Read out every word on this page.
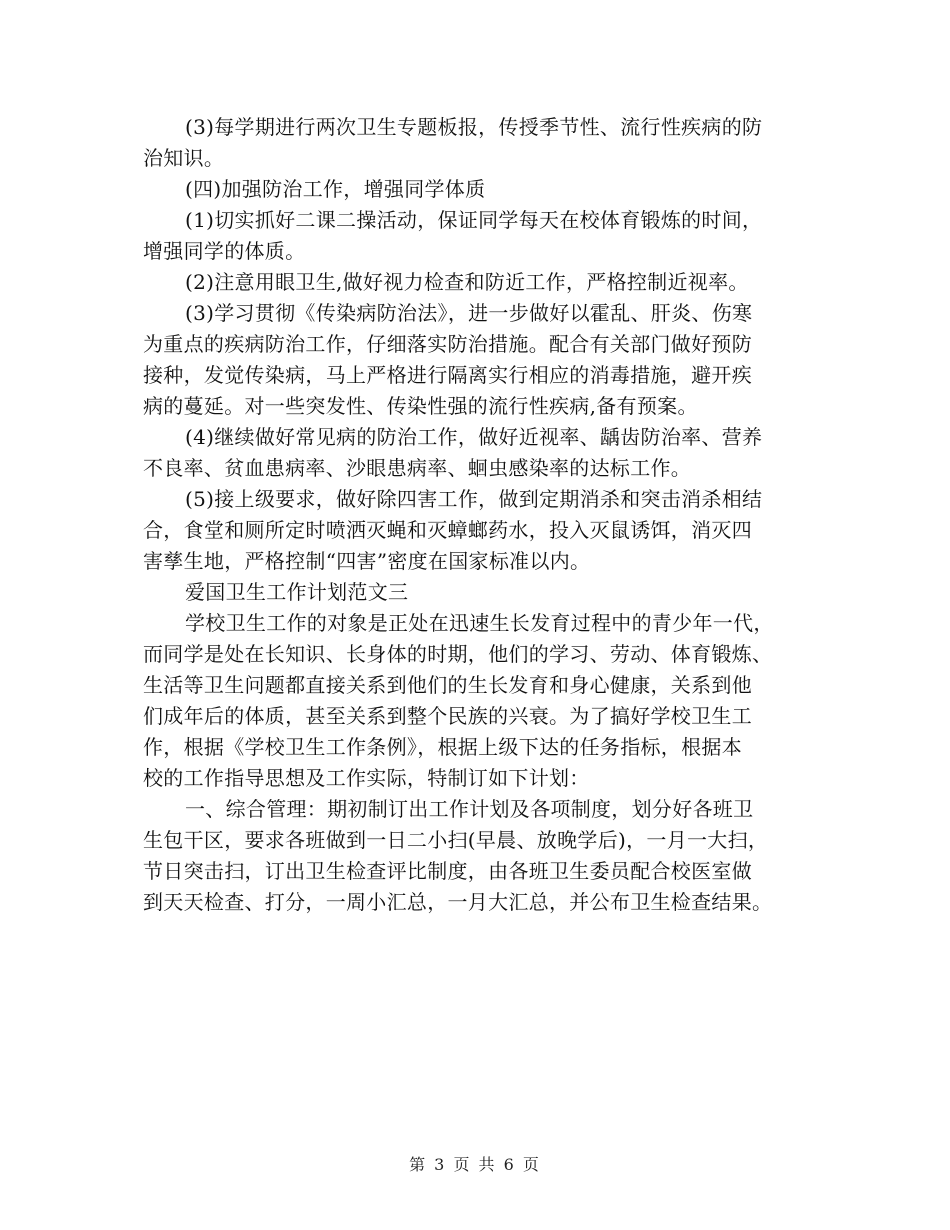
(3)每学期进行两次卫生专题板报，传授季节性、流行性疾病的防
治知识。

(四)加强防治工作，增强同学体质

(1)切实抓好二课二操活动，保证同学每天在校体育锻炼的时间，
增强同学的体质。

(2)注意用眼卫生,做好视力检查和防近工作，严格控制近视率。

(3)学习贯彻《传染病防治法》，进一步做好以霍乱、肝炎、伤寒
为重点的疾病防治工作，仔细落实防治措施。配合有关部门做好预防
接种，发觉传染病，马上严格进行隔离实行相应的消毒措施，避开疾
病的蔓延。对一些突发性、传染性强的流行性疾病,备有预案。

(4)继续做好常见病的防治工作，做好近视率、龋齿防治率、营养
不良率、贫血患病率、沙眼患病率、蛔虫感染率的达标工作。

(5)接上级要求，做好除四害工作，做到定期消杀和突击消杀相结
合，食堂和厕所定时喷洒灭蝇和灭蟑螂药水，投入灭鼠诱饵，消灭四
害孳生地，严格控制“四害”密度在国家标准以内。

爱国卫生工作计划范文三

学校卫生工作的对象是正处在迅速生长发育过程中的青少年一代，
而同学是处在长知识、长身体的时期，他们的学习、劳动、体育锻炼、
生活等卫生问题都直接关系到他们的生长发育和身心健康，关系到他
们成年后的体质，甚至关系到整个民族的兴衰。为了搞好学校卫生工
作，根据《学校卫生工作条例》，根据上级下达的任务指标，根据本
校的工作指导思想及工作实际，特制订如下计划：

一、综合管理：期初制订出工作计划及各项制度，划分好各班卫
生包干区，要求各班做到一日二小扫(早晨、放晚学后)，一月一大扫，
节日突击扫，订出卫生检查评比制度，由各班卫生委员配合校医室做
到天天检查、打分，一周小汇总，一月大汇总，并公布卫生检查结果。

第 3 页 共 6 页
